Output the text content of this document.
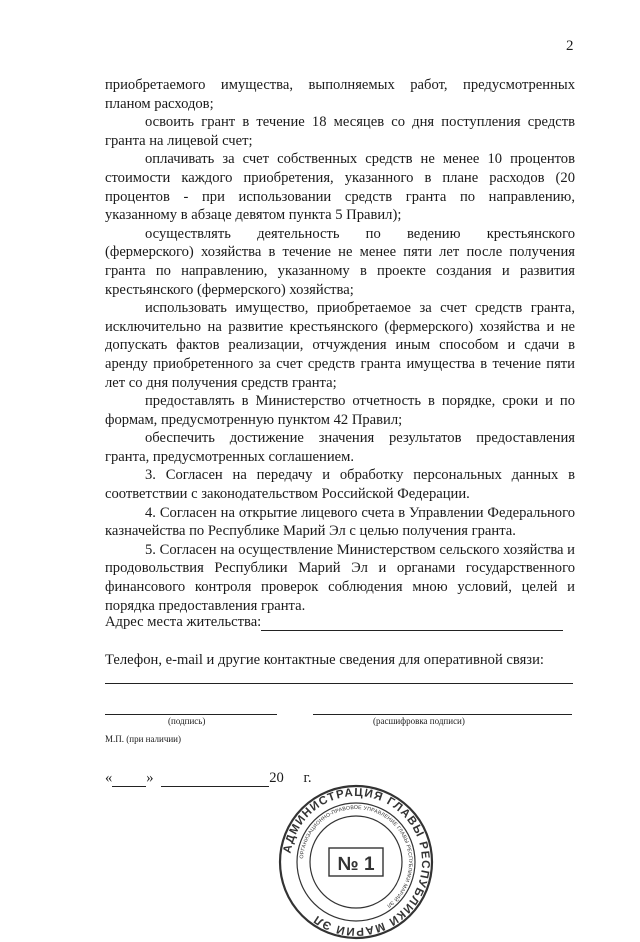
2

приобретаемого имущества, выполняемых работ, предусмотренных планом расходов;

освоить грант в течение 18 месяцев со дня поступления средств гранта на лицевой счет;

оплачивать за счет собственных средств не менее 10 процентов стоимости каждого приобретения, указанного в плане расходов (20 процентов - при использовании средств гранта по направлению, указанному в абзаце девятом пункта 5 Правил);

осуществлять деятельность по ведению крестьянского (фермерского) хозяйства в течение не менее пяти лет после получения гранта по направлению, указанному в проекте создания и развития крестьянского (фермерского) хозяйства;

использовать имущество, приобретаемое за счет средств гранта, исключительно на развитие крестьянского (фермерского) хозяйства и не допускать фактов реализации, отчуждения иным способом и сдачи в аренду приобретенного за счет средств гранта имущества в течение пяти лет со дня получения средств гранта;

предоставлять в Министерство отчетность в порядке, сроки и по формам, предусмотренную пунктом 42 Правил;

обеспечить достижение значения результатов предоставления гранта, предусмотренных соглашением.

3. Согласен на передачу и обработку персональных данных в соответствии с законодательством Российской Федерации.

4. Согласен на открытие лицевого счета в Управлении Федерального казначейства по Республике Марий Эл с целью получения гранта.

5. Согласен на осуществление Министерством сельского хозяйства и продовольствия Республики Марий Эл и органами государственного финансового контроля проверок соблюдения мною условий, целей и порядка предоставления гранта.

Адрес места жительства:
Телефон, e-mail и другие контактные сведения для оперативной связи:
(подпись)	(расшифровка подписи)
М.П. (при наличии)
« »	20 г.
АДМИНИСТРАЦИЯ ГЛАВЫ РЕСПУБЛИКИ МАРИЙ ЭЛ
ОРГАНИЗАЦИОННО-ПРАВОВОЕ УПРАВЛЕНИЕ ГЛАВЫ РЕСПУБЛИКИ МАРИЙ ЭЛ
№ 1
